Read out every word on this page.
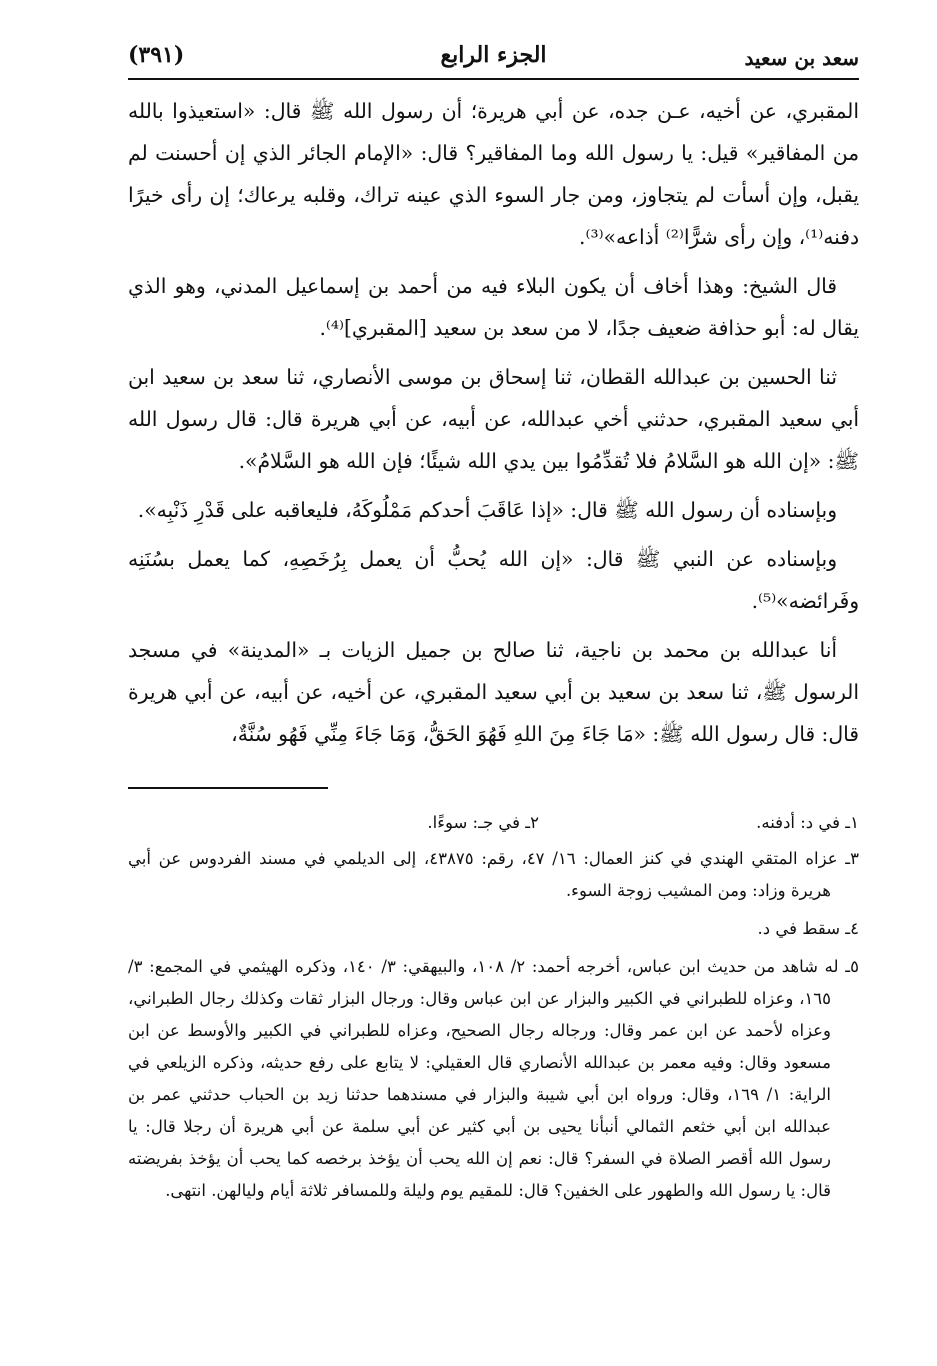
سعد بن سعيد
الجزء الرابع
(٣٩١)

المقبري، عن أخيه، عـن جده، عن أبي هريرة؛ أن رسول الله ﷺ قال: «استعيذوا بالله من المفاقير» قيل: يا رسول الله وما المفاقير؟ قال: «الإمام الجائر الذي إن أحسنت لم يقبل، وإن أسأت لم يتجاوز، ومن جار السوء الذي عينه تراك، وقلبه يرعاك؛ إن رأى خيرًا دفنه⁽¹⁾، وإن رأى شرًّا⁽²⁾ أذاعه»⁽³⁾.

قال الشيخ: وهذا أخاف أن يكون البلاء فيه من أحمد بن إسماعيل المدني، وهو الذي يقال له: أبو حذافة ضعيف جدًا، لا من سعد بن سعيد [المقبري]⁽⁴⁾.

ثنا الحسين بن عبدالله القطان، ثنا إسحاق بن موسى الأنصاري، ثنا سعد بن سعيد ابن أبي سعيد المقبري، حدثني أخي عبدالله، عن أبيه، عن أبي هريرة قال: قال رسول الله ﷺ: «إن الله هو السَّلامُ فلا تُقدِّمُوا بين يدي الله شيئًا؛ فإن الله هو السَّلامُ».

وبإسناده أن رسول الله ﷺ قال: «إذا عَاقَبَ أحدكم مَمْلُوكَهُ، فليعاقبه على قَدْرِ ذَنْبِه».

وبإسناده عن النبي ﷺ قال: «إن الله يُحبُّ أن يعمل بِرُخَصِهِ، كما يعمل بسُنَنِه وفَرائضه»⁽⁵⁾.

أنا عبدالله بن محمد بن ناجية، ثنا صالح بن جميل الزيات بـ «المدينة» في مسجد الرسول ﷺ، ثنا سعد بن سعيد بن أبي سعيد المقبري، عن أخيه، عن أبيه، عن أبي هريرة قال: قال رسول الله ﷺ: «مَا جَاءَ مِنَ اللهِ فَهُوَ الحَقُّ، وَمَا جَاءَ مِنِّي فَهُو سُنَّةٌ،

١ـ في د: أدفنه.
٢ـ في جـ: سوءًا.

٣ـ عزاه المتقي الهندي في كنز العمال: ١٦/ ٤٧، رقم: ٤٣٨٧٥، إلى الديلمي في مسند الفردوس عن أبي هريرة وزاد: ومن المشيب زوجة السوء.

٤ـ سقط في د.

٥ـ له شاهد من حديث ابن عباس، أخرجه أحمد: ٢/ ١٠٨، والبيهقي: ٣/ ١٤٠، وذكره الهيثمي في المجمع: ٣/ ١٦٥، وعزاه للطبراني في الكبير والبزار عن ابن عباس وقال: ورجال البزار ثقات وكذلك رجال الطبراني، وعزاه لأحمد عن ابن عمر وقال: ورجاله رجال الصحيح، وعزاه للطبراني في الكبير والأوسط عن ابن مسعود وقال: وفيه معمر بن عبدالله الأنصاري قال العقيلي: لا يتابع على رفع حديثه، وذكره الزيلعي في الراية: ١/ ١٦٩، وقال: ورواه ابن أبي شيبة والبزار في مسندهما حدثنا زيد بن الحباب حدثني عمر بن عبدالله ابن أبي خثعم الثمالي أنبأنا يحيى بن أبي كثير عن أبي سلمة عن أبي هريرة أن رجلا قال: يا رسول الله أقصر الصلاة في السفر؟ قال: نعم إن الله يحب أن يؤخذ برخصه كما يحب أن يؤخذ بفريضته قال: يا رسول الله والطهور على الخفين؟ قال: للمقيم يوم وليلة وللمسافر ثلاثة أيام وليالهن. انتهى.
